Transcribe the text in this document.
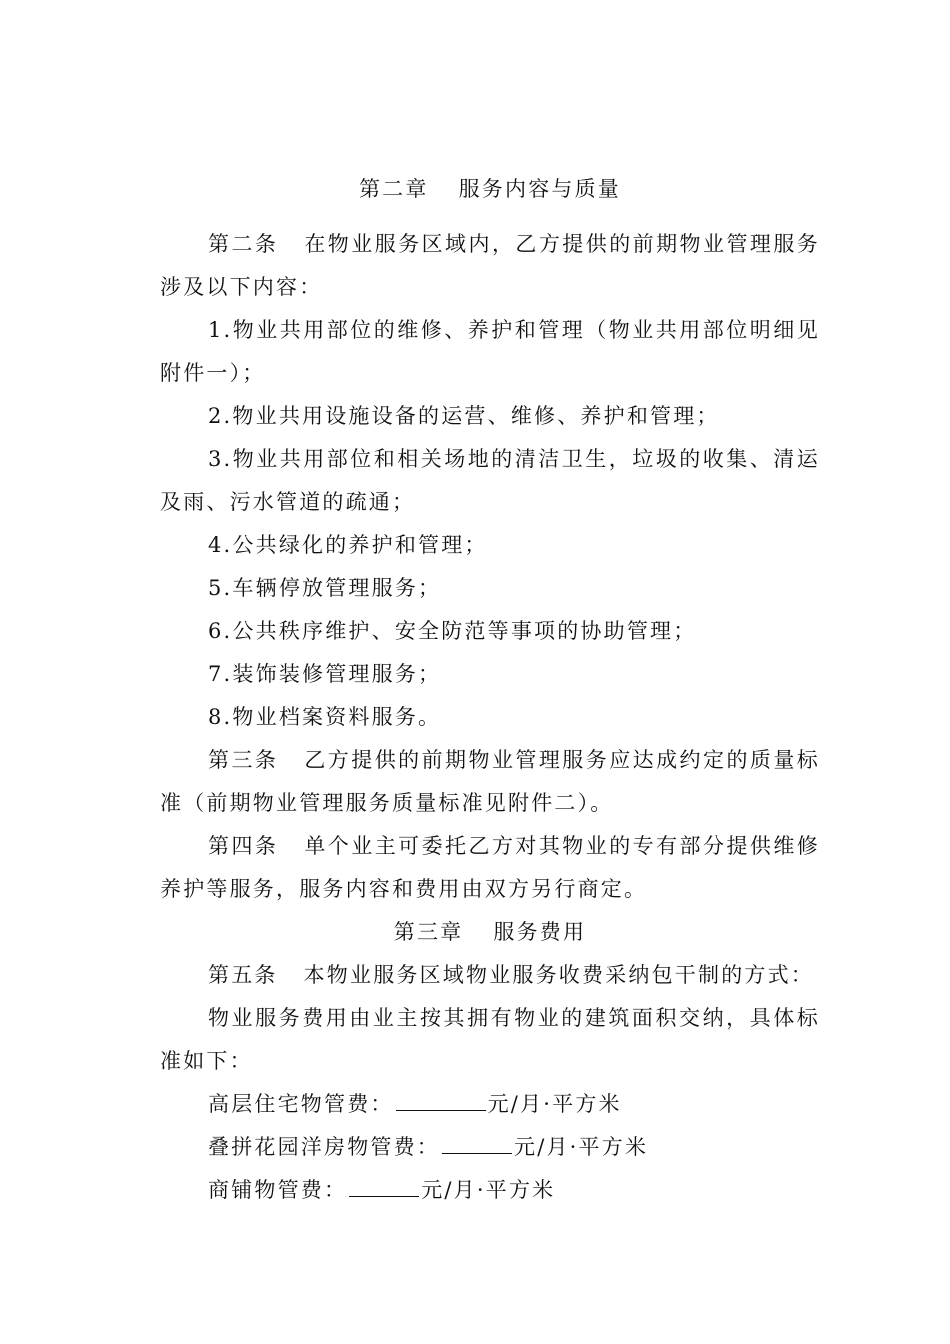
第二章 服务内容与质量

第二条 在物业服务区域内，乙方提供的前期物业管理服务涉及以下内容：

1.物业共用部位的维修、养护和管理（物业共用部位明细见附件一）；

2.物业共用设施设备的运营、维修、养护和管理；

3.物业共用部位和相关场地的清洁卫生，垃圾的收集、清运及雨、污水管道的疏通；

4.公共绿化的养护和管理；

5.车辆停放管理服务；

6.公共秩序维护、安全防范等事项的协助管理；

7.装饰装修管理服务；

8.物业档案资料服务。

第三条 乙方提供的前期物业管理服务应达成约定的质量标准（前期物业管理服务质量标准见附件二）。

第四条 单个业主可委托乙方对其物业的专有部分提供维修养护等服务，服务内容和费用由双方另行商定。

第三章 服务费用

第五条 本物业服务区域物业服务收费采纳包干制的方式：

物业服务费用由业主按其拥有物业的建筑面积交纳，具体标准如下：

高层住宅物管费：	元/月·平方米

叠拼花园洋房物管费：	元/月·平方米

商铺物管费：	元/月·平方米
